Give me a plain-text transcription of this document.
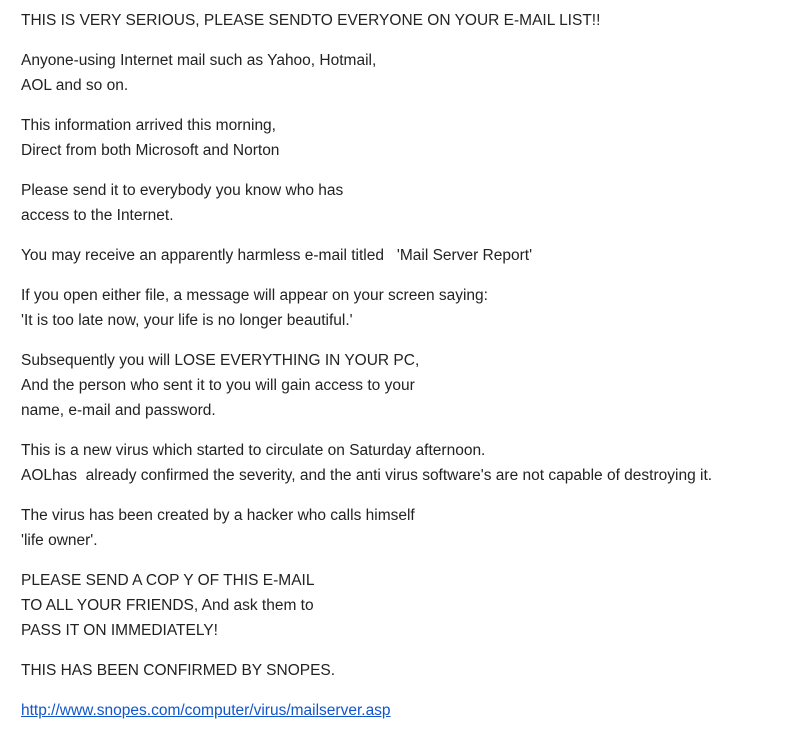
THIS IS VERY SERIOUS, PLEASE SENDTO EVERYONE ON YOUR E-MAIL LIST!!
Anyone-using Internet mail such as Yahoo, Hotmail,
AOL and so on.
This information arrived this morning,
Direct from both Microsoft and Norton
Please send it to everybody you know who has
access to the Internet.
You may receive an apparently harmless e-mail titled   'Mail Server Report'
If you open either file, a message will appear on your screen saying:
'It is too late now, your life is no longer beautiful.'
Subsequently you will LOSE EVERYTHING IN YOUR PC,
And the person who sent it to you will gain access to your
name, e-mail and password.
This is a new virus which started to circulate on Saturday afternoon.
AOLhas  already confirmed the severity, and the anti virus software's are not capable of destroying it.
The virus has been created by a hacker who calls himself
'life owner'.
PLEASE SEND A COP Y OF THIS E-MAIL
TO ALL YOUR FRIENDS, And ask them to
PASS IT ON IMMEDIATELY!
THIS HAS BEEN CONFIRMED BY SNOPES.
http://www.snopes.com/computer/virus/mailserver.asp
